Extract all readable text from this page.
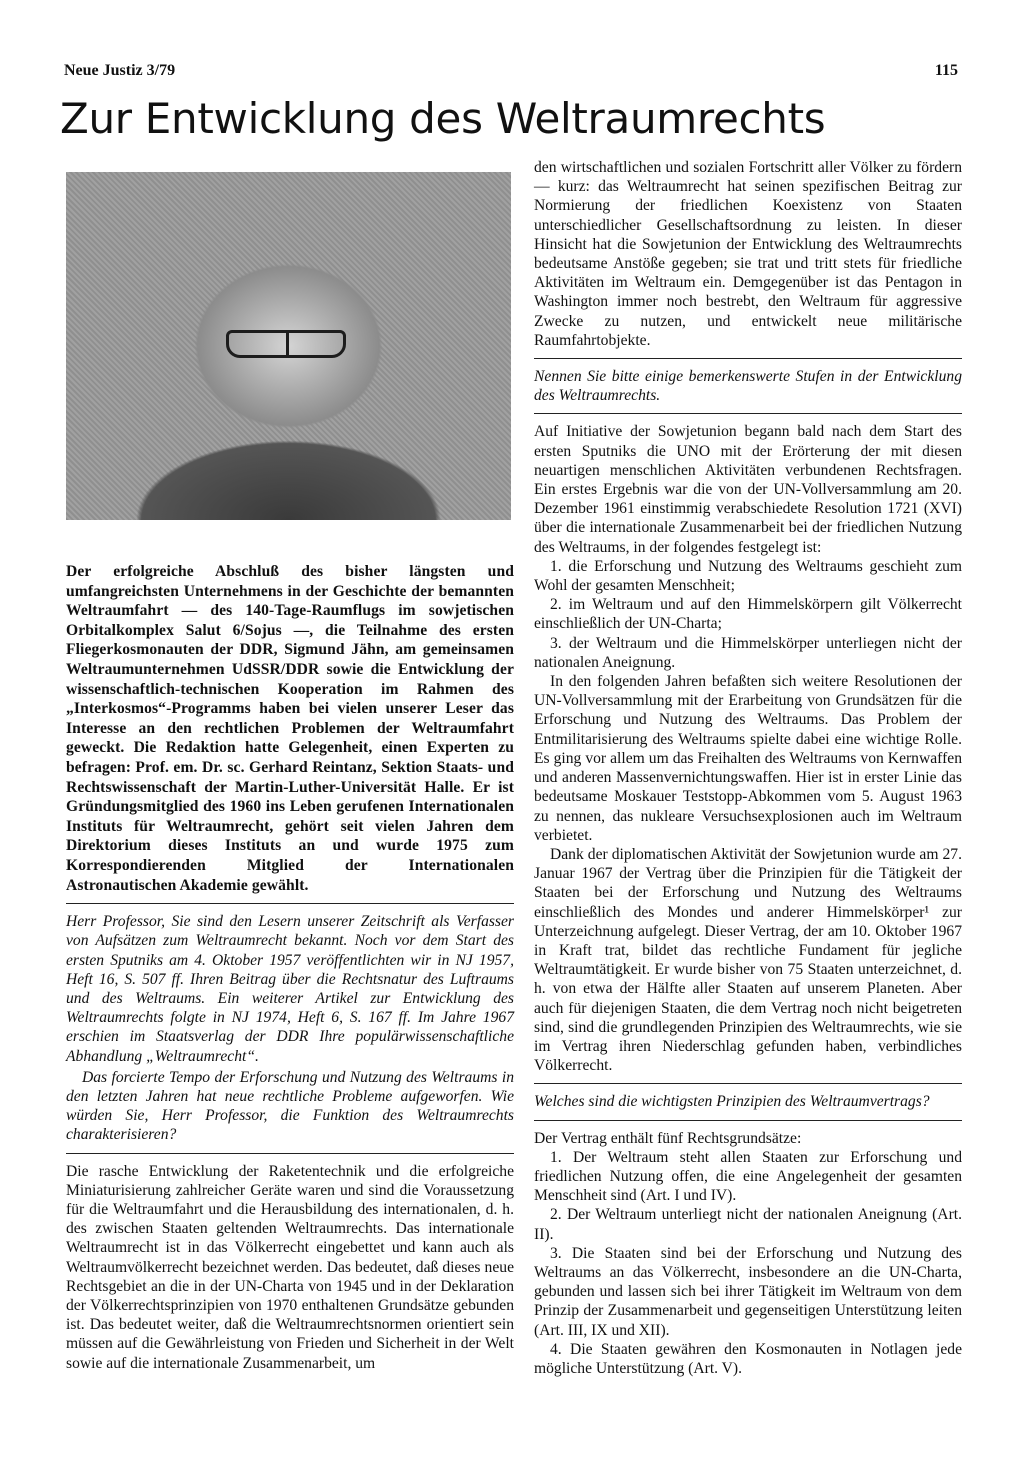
Neue Justiz 3/79	115
Zur Entwicklung des Weltraumrechts
Der erfolgreiche Abschluß des bisher längsten und umfangreichsten Unternehmens in der Geschichte der bemannten Weltraumfahrt — des 140-Tage-Raumflugs im sowjetischen Orbitalkomplex Salut 6/Sojus —, die Teilnahme des ersten Fliegerkosmonauten der DDR, Sigmund Jähn, am gemeinsamen Weltraumunternehmen UdSSR/DDR sowie die Entwicklung der wissenschaftlich-technischen Kooperation im Rahmen des „Interkosmos“-Programms haben bei vielen unserer Leser das Interesse an den rechtlichen Problemen der Weltraumfahrt geweckt. Die Redaktion hatte Gelegenheit, einen Experten zu befragen: Prof. em. Dr. sc. Gerhard Reintanz, Sektion Staats- und Rechtswissenschaft der Martin-Luther-Universität Halle. Er ist Gründungsmitglied des 1960 ins Leben gerufenen Internationalen Instituts für Weltraumrecht, gehört seit vielen Jahren dem Direktorium dieses Instituts an und wurde 1975 zum Korrespondierenden Mitglied der Internationalen Astronautischen Akademie gewählt.

Herr Professor, Sie sind den Lesern unserer Zeitschrift als Verfasser von Aufsätzen zum Weltraumrecht bekannt. Noch vor dem Start des ersten Sputniks am 4. Oktober 1957 veröffentlichten wir in NJ 1957, Heft 16, S. 507 ff. Ihren Beitrag über die Rechtsnatur des Luftraums und des Weltraums. Ein weiterer Artikel zur Entwicklung des Weltraumrechts folgte in NJ 1974, Heft 6, S. 167 ff. Im Jahre 1967 erschien im Staatsverlag der DDR Ihre populärwissenschaftliche Abhandlung „Weltraumrecht“.

Das forcierte Tempo der Erforschung und Nutzung des Weltraums in den letzten Jahren hat neue rechtliche Probleme aufgeworfen. Wie würden Sie, Herr Professor, die Funktion des Weltraumrechts charakterisieren?

Die rasche Entwicklung der Raketentechnik und die erfolgreiche Miniaturisierung zahlreicher Geräte waren und sind die Voraussetzung für die Weltraumfahrt und die Herausbildung des internationalen, d. h. des zwischen Staaten geltenden Weltraumrechts. Das internationale Weltraumrecht ist in das Völkerrecht eingebettet und kann auch als Weltraumvölkerrecht bezeichnet werden. Das bedeutet, daß dieses neue Rechtsgebiet an die in der UN-Charta von 1945 und in der Deklaration der Völkerrechtsprinzipien von 1970 enthaltenen Grundsätze gebunden ist. Das bedeutet weiter, daß die Weltraumrechtsnormen orientiert sein müssen auf die Gewährleistung von Frieden und Sicherheit in der Welt sowie auf die internationale Zusammenarbeit, um

den wirtschaftlichen und sozialen Fortschritt aller Völker zu fördern — kurz: das Weltraumrecht hat seinen spezifischen Beitrag zur Normierung der friedlichen Koexistenz von Staaten unterschiedlicher Gesellschaftsordnung zu leisten. In dieser Hinsicht hat die Sowjetunion der Entwicklung des Weltraumrechts bedeutsame Anstöße gegeben; sie trat und tritt stets für friedliche Aktivitäten im Weltraum ein. Demgegenüber ist das Pentagon in Washington immer noch bestrebt, den Weltraum für aggressive Zwecke zu nutzen, und entwickelt neue militärische Raumfahrtobjekte.

Nennen Sie bitte einige bemerkenswerte Stufen in der Entwicklung des Weltraumrechts.

Auf Initiative der Sowjetunion begann bald nach dem Start des ersten Sputniks die UNO mit der Erörterung der mit diesen neuartigen menschlichen Aktivitäten verbundenen Rechtsfragen. Ein erstes Ergebnis war die von der UN-Vollversammlung am 20. Dezember 1961 einstimmig verabschiedete Resolution 1721 (XVI) über die internationale Zusammenarbeit bei der friedlichen Nutzung des Weltraums, in der folgendes festgelegt ist:

1. die Erforschung und Nutzung des Weltraums geschieht zum Wohl der gesamten Menschheit;

2. im Weltraum und auf den Himmelskörpern gilt Völkerrecht einschließlich der UN-Charta;

3. der Weltraum und die Himmelskörper unterliegen nicht der nationalen Aneignung.

In den folgenden Jahren befaßten sich weitere Resolutionen der UN-Vollversammlung mit der Erarbeitung von Grundsätzen für die Erforschung und Nutzung des Weltraums. Das Problem der Entmilitarisierung des Weltraums spielte dabei eine wichtige Rolle. Es ging vor allem um das Freihalten des Weltraums von Kernwaffen und anderen Massenvernichtungswaffen. Hier ist in erster Linie das bedeutsame Moskauer Teststopp-Abkommen vom 5. August 1963 zu nennen, das nukleare Versuchsexplosionen auch im Weltraum verbietet.

Dank der diplomatischen Aktivität der Sowjetunion wurde am 27. Januar 1967 der Vertrag über die Prinzipien für die Tätigkeit der Staaten bei der Erforschung und Nutzung des Weltraums einschließlich des Mondes und anderer Himmelskörper¹ zur Unterzeichnung aufgelegt. Dieser Vertrag, der am 10. Oktober 1967 in Kraft trat, bildet das rechtliche Fundament für jegliche Weltraumtätigkeit. Er wurde bisher von 75 Staaten unterzeichnet, d. h. von etwa der Hälfte aller Staaten auf unserem Planeten. Aber auch für diejenigen Staaten, die dem Vertrag noch nicht beigetreten sind, sind die grundlegenden Prinzipien des Weltraumrechts, wie sie im Vertrag ihren Niederschlag gefunden haben, verbindliches Völkerrecht.

Welches sind die wichtigsten Prinzipien des Weltraumvertrags?

Der Vertrag enthält fünf Rechtsgrundsätze:

1. Der Weltraum steht allen Staaten zur Erforschung und friedlichen Nutzung offen, die eine Angelegenheit der gesamten Menschheit sind (Art. I und IV).

2. Der Weltraum unterliegt nicht der nationalen Aneignung (Art. II).

3. Die Staaten sind bei der Erforschung und Nutzung des Weltraums an das Völkerrecht, insbesondere an die UN-Charta, gebunden und lassen sich bei ihrer Tätigkeit im Weltraum von dem Prinzip der Zusammenarbeit und gegenseitigen Unterstützung leiten (Art. III, IX und XII).

4. Die Staaten gewähren den Kosmonauten in Notlagen jede mögliche Unterstützung (Art. V).
